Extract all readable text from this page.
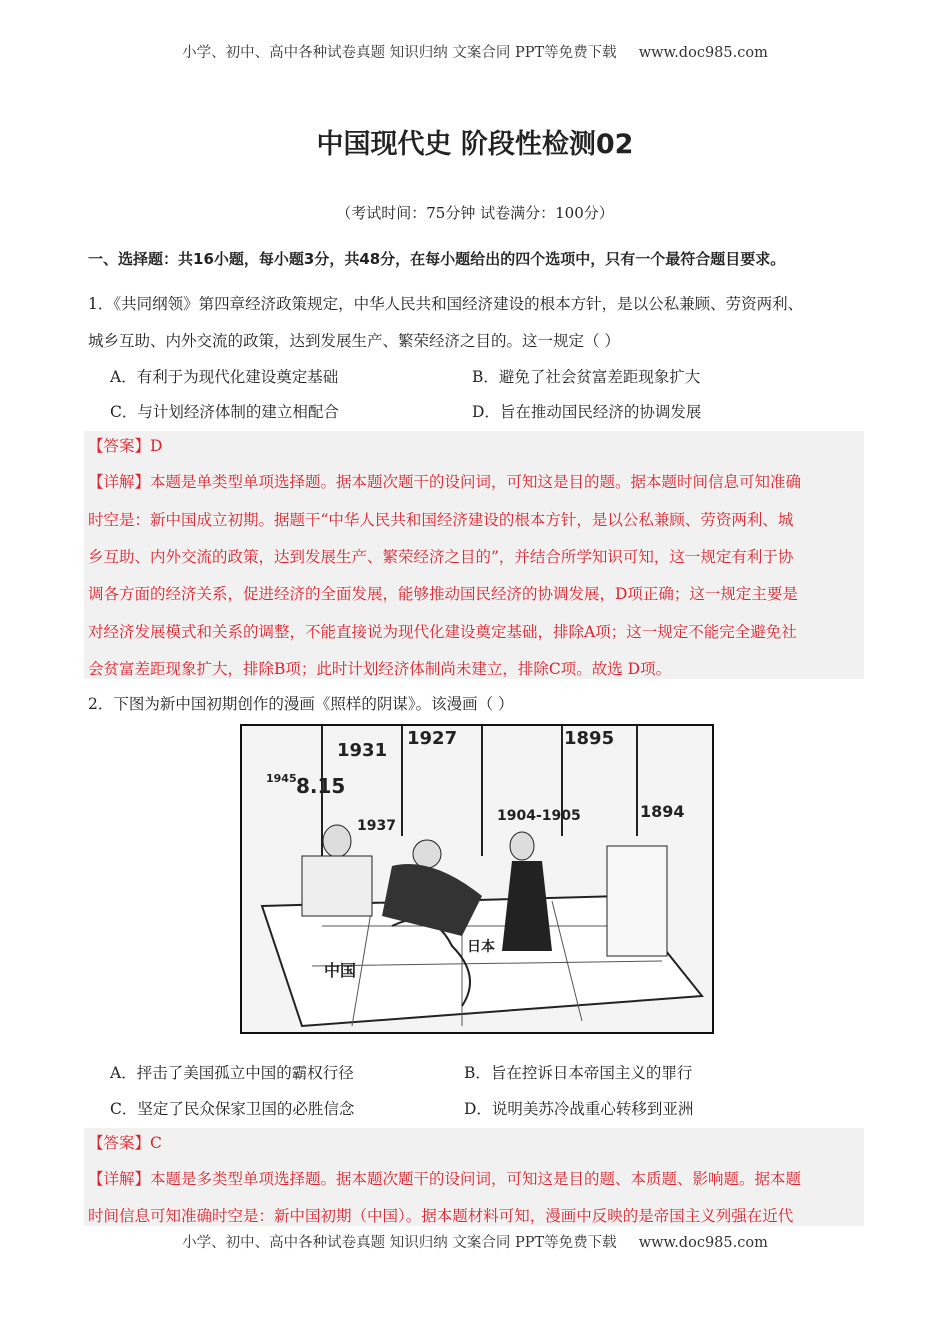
小学、初中、高中各种试卷真题 知识归纳 文案合同 PPT等免费下载 www.doc985.com
中国现代史 阶段性检测02
（考试时间：75分钟 试卷满分：100分）
一、选择题：共16小题，每小题3分，共48分，在每小题给出的四个选项中，只有一个最符合题目要求。
1．《共同纲领》第四章经济政策规定，中华人民共和国经济建设的根本方针，是以公私兼顾、劳资两利、
城乡互助、内外交流的政策，达到发展生产、繁荣经济之目的。这一规定（ ）
A．有利于为现代化建设奠定基础	B．避免了社会贫富差距现象扩大
C．与计划经济体制的建立相配合	D．旨在推动国民经济的协调发展
【答案】D
【详解】本题是单类型单项选择题。据本题次题干的设问词，可知这是目的题。据本题时间信息可知准确
时空是：新中国成立初期。据题干“中华人民共和国经济建设的根本方针，是以公私兼顾、劳资两利、城
乡互助、内外交流的政策，达到发展生产、繁荣经济之目的”，并结合所学知识可知，这一规定有利于协
调各方面的经济关系，促进经济的全面发展，能够推动国民经济的协调发展，D项正确；这一规定主要是
对经济发展模式和关系的调整，不能直接说为现代化建设奠定基础，排除A项；这一规定不能完全避免社
会贫富差距现象扩大，排除B项；此时计划经济体制尚未建立，排除C项。故选 D项。
2．下图为新中国初期创作的漫画《照样的阴谋》。该漫画（ ）
1931
1927	1895
1945 8.15
1937
1904-1905	1894
中国
日本
A．抨击了美国孤立中国的霸权行径	B．旨在控诉日本帝国主义的罪行
C．坚定了民众保家卫国的必胜信念	D．说明美苏冷战重心转移到亚洲
【答案】C
【详解】本题是多类型单项选择题。据本题次题干的设问词，可知这是目的题、本质题、影响题。据本题
时间信息可知准确时空是：新中国初期（中国）。据本题材料可知，漫画中反映的是帝国主义列强在近代
小学、初中、高中各种试卷真题 知识归纳 文案合同 PPT等免费下载 www.doc985.com
